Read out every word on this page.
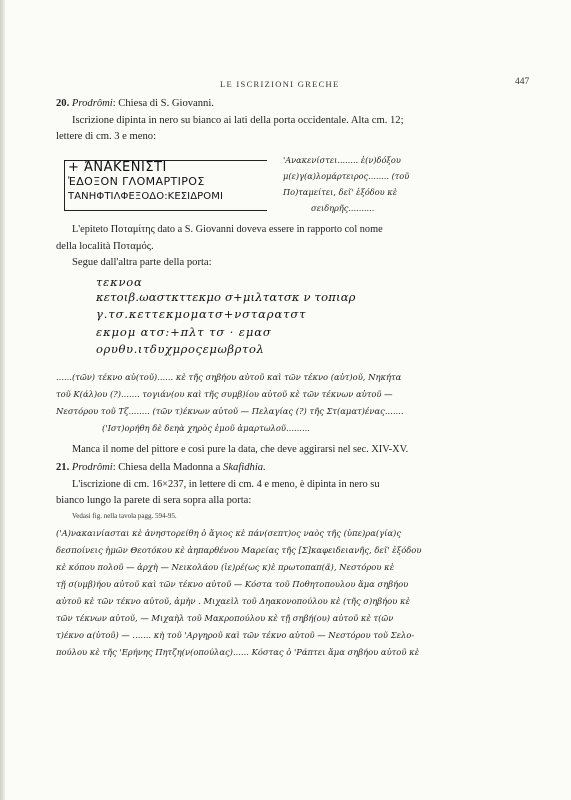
LE ISCRIZIONI GRECHE	447
20. Prodrômi: Chiesa di S. Giovanni.
Iscrizione dipinta in nero su bianco ai lati della porta occidentale. Alta cm. 12;
lettere di cm. 3 e meno:
+ ἈΝΑΚΕΝΙΣΤΙ
ἘΔΟΞΟΝ ΓΛΟΜΑΡΤΙΡΟΣ
ΤΑΝΗΦΤΙΛΦΕΞΟΔΟ:ΚΕΣΙΔΡΟΜΙ
'Ανακενίστει........ ἐ(ν)δόξου
μ(ε)γ(α)λομάρτειρος........ (τοῦ
Πο)ταμείτει, δεῖ' ἐξόδου κὲ
σειδηρῆς..........
L'epiteto Ποταμίτης dato a S. Giovanni doveva essere in rapporto col nome
della località Ποταμός.
Segue dall'altra parte della porta:
τεκνοα
κετοιβ.ωαστκττεκμο σ+μιλτατσκ ν τοπιαρ
γ.τσ.κεττεκμοματσ+νσταρατστ
εκμομ ατσ:+πλτ τσ · εμασ
ορυθυ.ιτδυχμροςεμωβρτολ
......(τῶν) τέκνο αὐ(τοῦ)...... κὲ τῆς σηβήου αὐτοῦ καὶ τῶν τέκνο (αὐτ)οῦ, Νηκήτα
τοῦ Κ(άλ)ου (?)....... τογιάν(ου καὶ τῆς συμβ)ίου αὐτοῦ κὲ τῶν τέκνων αὐτοῦ —
Νεστόρου τοῦ Τζ........ (τῶν τ)έκνων αὐτοῦ — Πελαγίας (?) τῆς Στ(αματ)ένας.......
('Ιστ)ορήθη δὲ δεηὰ χηρὸς ἐμοῦ ἁμαρτωλοῦ.........
Manca il nome del pittore e così pure la data, che deve aggirarsi nel sec. XIV-XV.
21. Prodrômi: Chiesa della Madonna a Skafidhia.
L'iscrizione di cm. 16×237, in lettere di cm. 4 e meno, è dipinta in nero su
bianco lungo la parete di sera sopra alla porta:
Vedasi fig. nella tavola pagg. 594-95.
('Α)νακαινίασται κὲ ἀνηστορείθη ὁ ἅγιος κὲ πάν(σεπτ)ος ναὸς τῆς (ὑπε)ρα(γία)ς
δεσποίνεις ἡμῶν Θεοτόκου κὲ ἀηπαρθένου Μαρείας τῆς [Σ]καφειδειανῆς, δεῖ' ἐξόδου
κὲ κόπου πολοῦ — ἀρχὴ — Νεικολάου (ἱε)ρέ(ως κ)ὲ πρωτοπαπ(ᾶ), Νεστόρου κὲ
τῇ σ(υμβ)ήου αὐτοῦ καὶ τῶν τέκνο αὐτοῦ — Κόστα τοῦ Ποθητοπουλου ἅμα σηβήου
αὐτοῦ κὲ τῶν τέκνο αὐτοῦ, ἀμὴν . Μιχαεὶλ τοῦ Δηακονοπούλου κὲ (τῆς σ)ηβήου κὲ
τῶν τέκνων αὐτοῦ, — Μιχαὴλ τοῦ Μακροπούλου κὲ τῇ σηβή(ου) αὐτοῦ κὲ τ(ῶν
τ)έκνο α(ὐτοῦ) — ....... κὴ τοῦ 'Αργηροῦ καὶ τῶν τέκνο αὐτοῦ — Νεστόρου τοῦ Σελο-
πούλου κὲ τῆς 'Ερήνης Πητζη(ν(οπούλας)...... Κόστας ὁ 'Ράπτει ἅμα σηβήου αὐτοῦ κὲ
